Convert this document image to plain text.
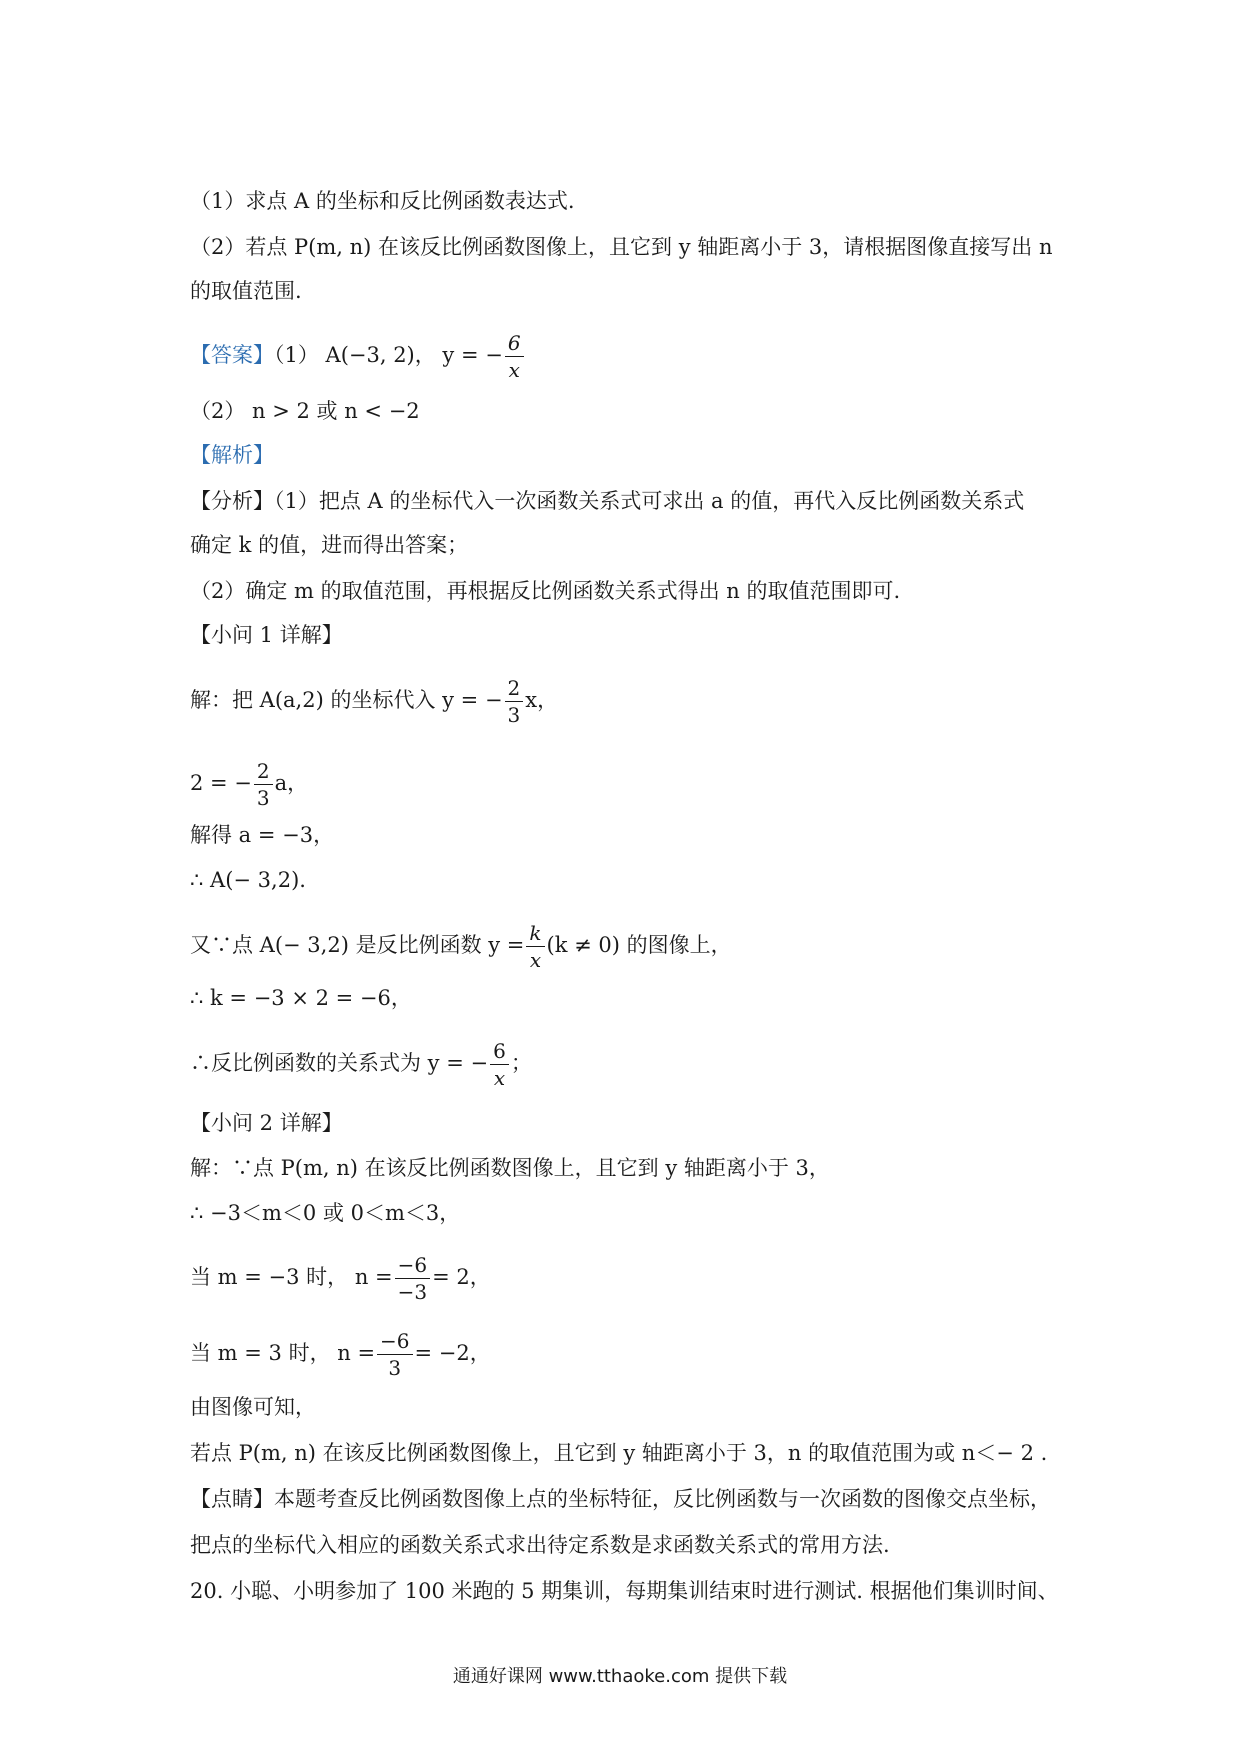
（1）求点 A 的坐标和反比例函数表达式.
（2）若点 P(m, n) 在该反比例函数图像上，且它到 y 轴距离小于 3，请根据图像直接写出 n
的取值范围.
【答案】（1） A(−3, 2)， y = − $\frac{6}{x}$
（2） n > 2 或 n < −2
【解析】
【分析】（1）把点 A 的坐标代入一次函数关系式可求出 a 的值，再代入反比例函数关系式
确定 k 的值，进而得出答案；
（2）确定 m 的取值范围，再根据反比例函数关系式得出 n 的取值范围即可.
【小问 1 详解】
解：把 A(a,2) 的坐标代入 y = − $\frac{2}{3}$ x，
2 = − $\frac{2}{3}$ a，
解得 a = −3，
∴ A(− 3,2).
又∵点 A(− 3,2) 是反比例函数 $y = \frac{k}{x} (k \ne 0)$ 的图像上，
∴ k = −3 × 2 = −6，
∴反比例函数的关系式为 y = − $\frac{6}{x}$ ；
【小问 2 详解】
解：∵点 P(m, n) 在该反比例函数图像上，且它到 y 轴距离小于 3，
∴ −3＜m＜0 或 0＜m＜3，
当 m = −3 时， $n = \frac{-6}{-3} = 2$，
当 m = 3 时， $n = \frac{-6}{3} = -2$，
由图像可知，
若点 P(m, n) 在该反比例函数图像上，且它到 y 轴距离小于 3，n 的取值范围为或 n＜− 2 .
【点睛】本题考查反比例函数图像上点的坐标特征，反比例函数与一次函数的图像交点坐标，
把点的坐标代入相应的函数关系式求出待定系数是求函数关系式的常用方法.
20. 小聪、小明参加了 100 米跑的 5 期集训，每期集训结束时进行测试. 根据他们集训时间、
通通好课网 www.tthaoke.com 提供下载
